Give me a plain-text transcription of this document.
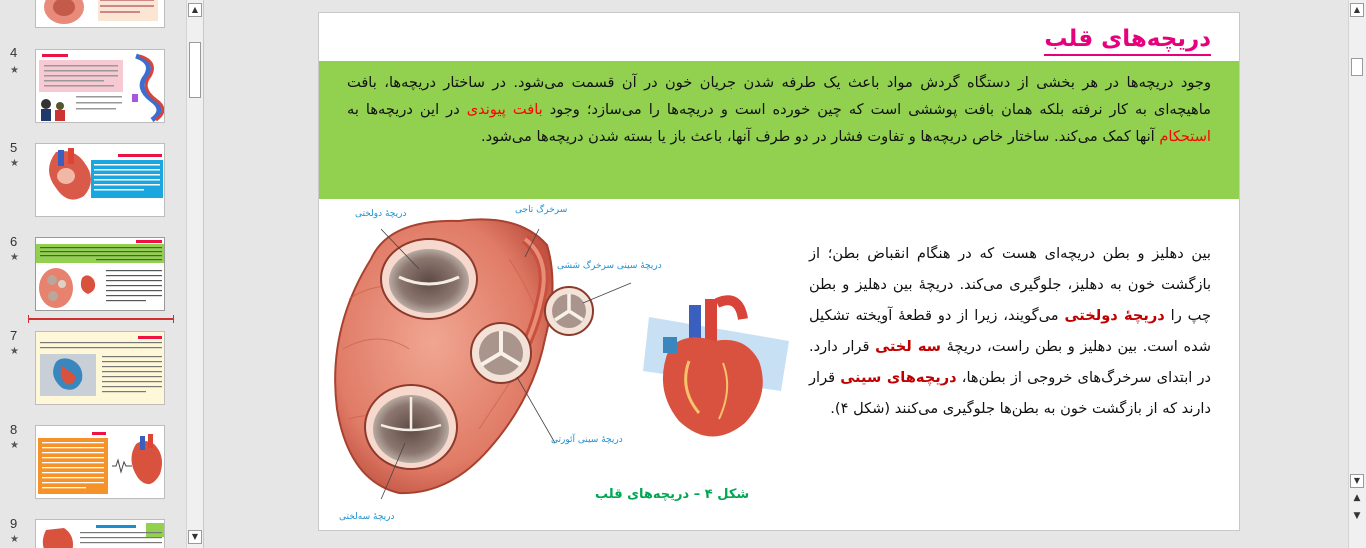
4
★
5
★
6
★
7
★
8
★
9
★
▲
▼
دریچه‌های قلب
وجود دریچه‌ها در هر بخشی از دستگاه گردش مواد باعث یک طرفه شدن جریان خون در آن قسمت می‌شود. در ساختار دریچه‌ها، بافت ماهیچه‌ای به کار نرفته بلکه همان بافت پوششی است که چین خورده است و دریچه‌ها را می‌سازد؛ وجود بافت پیوندی در این دریچه‌ها به استحکام آنها کمک می‌کند. ساختار خاص دریچه‌ها و تفاوت فشار در دو طرف آنها، باعث باز یا بسته شدن دریچه‌ها می‌شود.
دریچهٔ دولختی	سرخرگ تاجی
دریچهٔ سینی سرخرگ ششی
دریچهٔ سینی آئورتی
دریچهٔ سه‌لختی
شکل ۴ – دریچه‌های قلب
بین دهلیز و بطن دریچه‌ای هست که در هنگام انقباض بطن؛ از بازگشت خون به دهلیز، جلوگیری می‌کند. دریچهٔ بین دهلیز و بطن چپ را دریچهٔ دولختی می‌گویند، زیرا از دو قطعهٔ آویخته تشکیل شده است. بین دهلیز و بطن راست، دریچهٔ سه لختی قرار دارد. در ابتدای سرخرگ‌های خروجی از بطن‌ها، دریچه‌های سینی قرار دارند که از بازگشت خون به بطن‌ها جلوگیری می‌کنند (شکل ۴).
▲
▼
▲

▼
